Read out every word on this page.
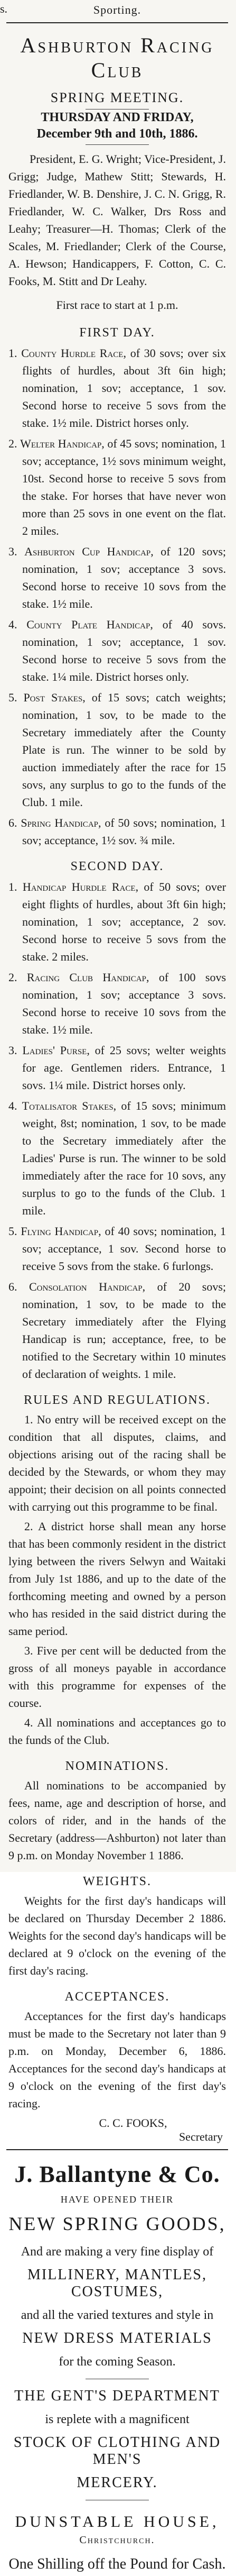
s.	Sporting.
Ashburton Racing Club
SPRING MEETING.
THURSDAY AND FRIDAY,
December 9th and 10th, 1886.
President, E. G. Wright; Vice-President, J. Grigg; Judge, Mathew Stitt; Stewards, H. Friedlander, W. B. Denshire, J. C. N. Grigg, R. Friedlander, W. C. Walker, Drs Ross and Leahy; Treasurer—H. Thomas; Clerk of the Scales, M. Friedlander; Clerk of the Course, A. Hewson; Handicappers, F. Cotton, C. C. Fooks, M. Stitt and Dr Leahy.
First race to start at 1 p.m.
FIRST DAY.
1. County Hurdle Race, of 30 sovs; over six flights of hurdles, about 3ft 6in high; nomination, 1 sov; acceptance, 1 sov. Second horse to receive 5 sovs from the stake. 1½ mile. District horses only.
2. Welter Handicap, of 45 sovs; nomination, 1 sov; acceptance, 1½ sovs minimum weight, 10st. Second horse to receive 5 sovs from the stake. For horses that have never won more than 25 sovs in one event on the flat. 2 miles.
3. Ashburton Cup Handicap, of 120 sovs; nomination, 1 sov; acceptance 3 sovs. Second horse to receive 10 sovs from the stake. 1½ mile.
4. County Plate Handicap, of 40 sovs. nomination, 1 sov; acceptance, 1 sov. Second horse to receive 5 sovs from the stake. 1¼ mile. District horses only.
5. Post Stakes, of 15 sovs; catch weights; nomination, 1 sov, to be made to the Secretary immediately after the County Plate is run. The winner to be sold by auction immediately after the race for 15 sovs, any surplus to go to the funds of the Club. 1 mile.
6. Spring Handicap, of 50 sovs; nomination, 1 sov; acceptance, 1½ sov. ¾ mile.
SECOND DAY.
1. Handicap Hurdle Race, of 50 sovs; over eight flights of hurdles, about 3ft 6in high; nomination, 1 sov; acceptance, 2 sov. Second horse to receive 5 sovs from the stake. 2 miles.
2. Racing Club Handicap, of 100 sovs nomination, 1 sov; acceptance 3 sovs. Second horse to receive 10 sovs from the stake. 1½ mile.
3. Ladies' Purse, of 25 sovs; welter weights for age. Gentlemen riders. Entrance, 1 sovs. 1¼ mile. District horses only.
4. Totalisator Stakes, of 15 sovs; minimum weight, 8st; nomination, 1 sov, to be made to the Secretary immediately after the Ladies' Purse is run. The winner to be sold immediately after the race for 10 sovs, any surplus to go to the funds of the Club. 1 mile.
5. Flying Handicap, of 40 sovs; nomination, 1 sov; acceptance, 1 sov. Second horse to receive 5 sovs from the stake. 6 furlongs.
6. Consolation Handicap, of 20 sovs; nomination, 1 sov, to be made to the Secretary immediately after the Flying Handicap is run; acceptance, free, to be notified to the Secretary within 10 minutes of declaration of weights. 1 mile.
RULES AND REGULATIONS.
1. No entry will be received except on the condition that all disputes, claims, and objections arising out of the racing shall be decided by the Stewards, or whom they may appoint; their decision on all points connected with carrying out this programme to be final.
2. A district horse shall mean any horse that has been commonly resident in the district lying between the rivers Selwyn and Waitaki from July 1st 1886, and up to the date of the forthcoming meeting and owned by a person who has resided in the said district during the same period.
3. Five per cent will be deducted from the gross of all moneys payable in accordance with this programme for expenses of the course.
4. All nominations and acceptances go to the funds of the Club.
NOMINATIONS.
All nominations to be accompanied by fees, name, age and description of horse, and colors of rider, and in the hands of the Secretary (address—Ashburton) not later than 9 p.m. on Monday November 1 1886.
WEIGHTS.
Weights for the first day's handicaps will be declared on Thursday December 2 1886. Weights for the second day's handicaps will be declared at 9 o'clock on the evening of the first day's racing.
ACCEPTANCES.
Acceptances for the first day's handicaps must be made to the Secretary not later than 9 p.m. on Monday, December 6, 1886. Acceptances for the second day's handicaps at 9 o'clock on the evening of the first day's racing.
C. C. FOOKS,
Secretary
J. Ballantyne & Co.
HAVE OPENED THEIR
NEW SPRING GOODS,
And are making a very fine display of
MILLINERY, MANTLES, COSTUMES,
and all the varied textures and style in
NEW DRESS MATERIALS
for the coming Season.
THE GENT'S DEPARTMENT
is replete with a magnificent
STOCK OF CLOTHING AND MEN'S
MERCERY.
DUNSTABLE HOUSE,
Christchurch.
One Shilling off the Pound for Cash.
